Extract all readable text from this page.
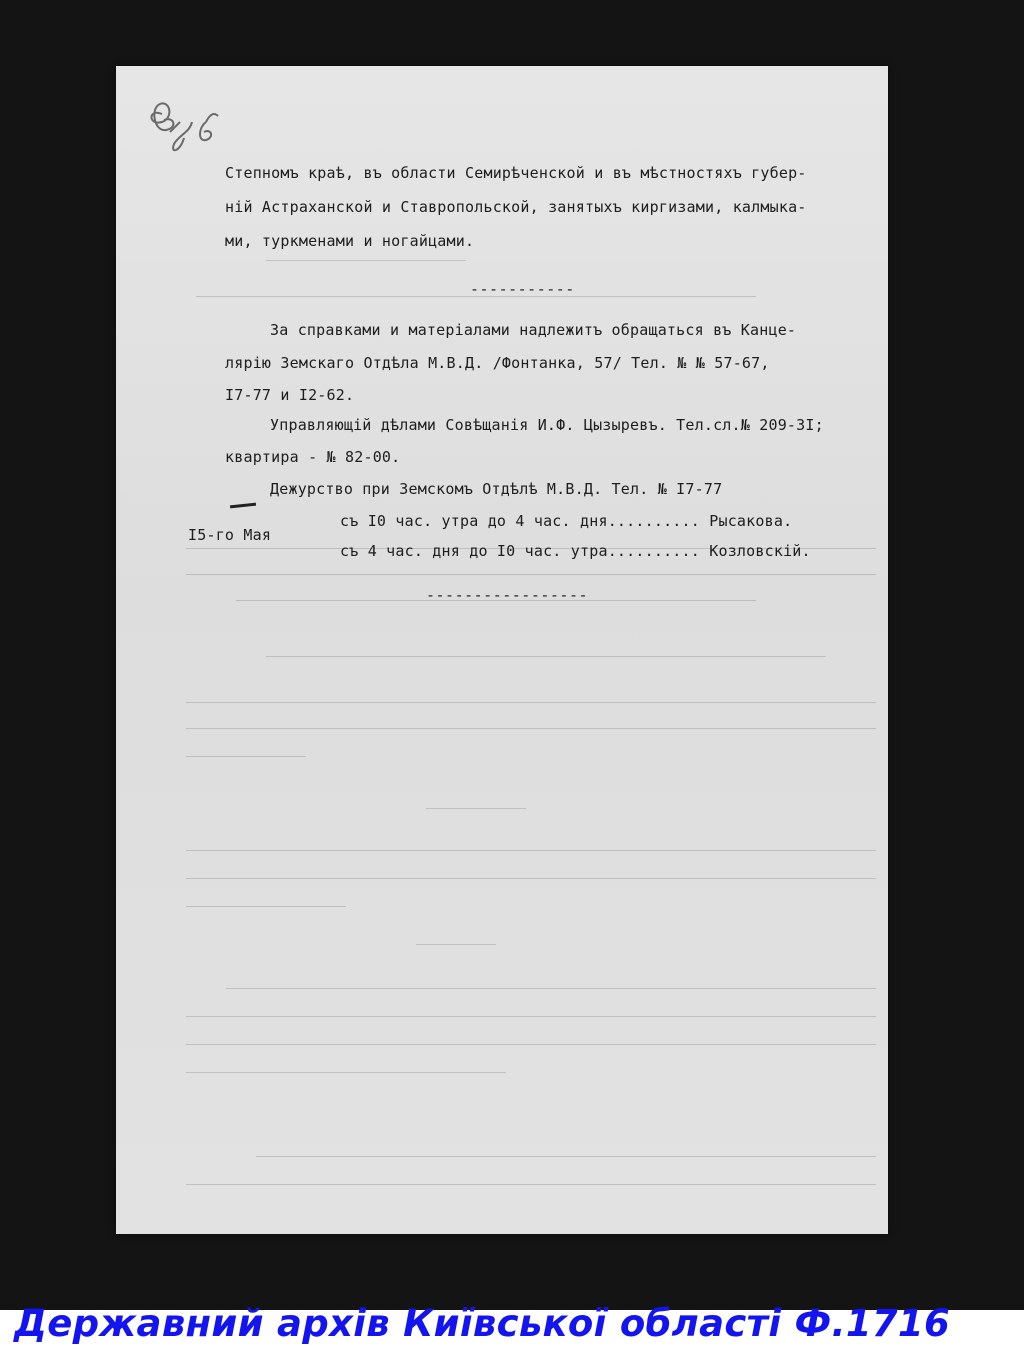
Степномъ краѣ, въ области Семирѣченской и въ мѣстностяхъ губер-
ній Астраханской и Ставропольской, занятыхъ киргизами, калмыка-
ми, туркменами и ногайцами.
-----------
За справками и матеріалами надлежитъ обращаться въ Канце-
лярію Земскаго Отдѣла М.В.Д. /Фонтанка, 57/ Тел. № № 57-67,
I7-77 и I2-62.
Управляющій дѣлами Совѣщанія И.Ф. Цызыревъ. Тел.сл.№ 209-3I;
квартира - № 82-00.
Дежурство при Земскомъ Отдѣлѣ М.В.Д. Тел. № I7-77
I5-го Мая
съ I0 час. утра до 4 час. дня.......... Рысакова.
съ 4 час. дня до I0 час. утра.......... Козловскій.
-----------------
Державний архів Київської області Ф.1716
